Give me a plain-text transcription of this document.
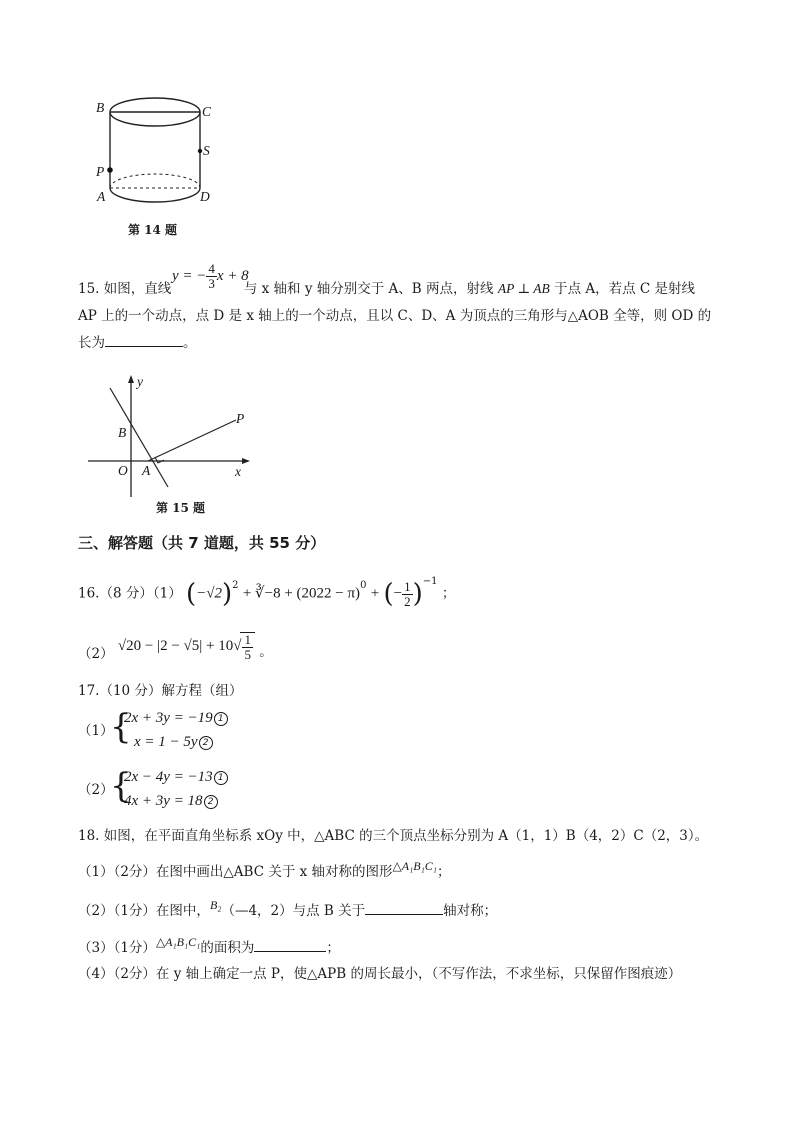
B	C
S
P
A	D
第 14 题
y = − $\frac{4}{3}$ x + 8
15. 如图，直线	与 x 轴和 y 轴分别交于 A、B 两点，射线 AP ⊥ AB 于点 A，若点 C 是射线
AP 上的一个动点，点 D 是 x 轴上的一个动点，且以 C、D、A 为顶点的三角形与△AOB 全等，则 OD 的
长为	。
y
B
O A	x
P
第 15 题
三、解答题（共 7 道题，共 55 分）
16.（8 分）（1） $(-√2)^2$ + ∛−8 + $(2022 - \pi)^0$ + (− $\frac{1}{2} )^{-1}$ ；
（2） $√20 - |2 - √5| + 10√ \frac{1}{5}$ 。
17.（10 分）解方程（组）
（1）
{
2x + 3y = −19 1
x = 1 − 5y 2
（2）
{
2x − 4y = −13 1
4x + 3y = 18 2
18. 如图，在平面直角坐标系 xOy 中，△ABC 的三个顶点坐标分别为 A（1，1）B（4，2）C（2，3）。
（1）（2分）在图中画出△ABC 关于 x 轴对称的图形△A₁B₁C₁；
（2）（1分）在图中，B₂（—4，2）与点 B 关于	轴对称；
（3）（1分）△A₁B₁C₁的面积为	；
（4）（2分）在 y 轴上确定一点 P，使△APB 的周长最小，（不写作法，不求坐标，只保留作图痕迹）
